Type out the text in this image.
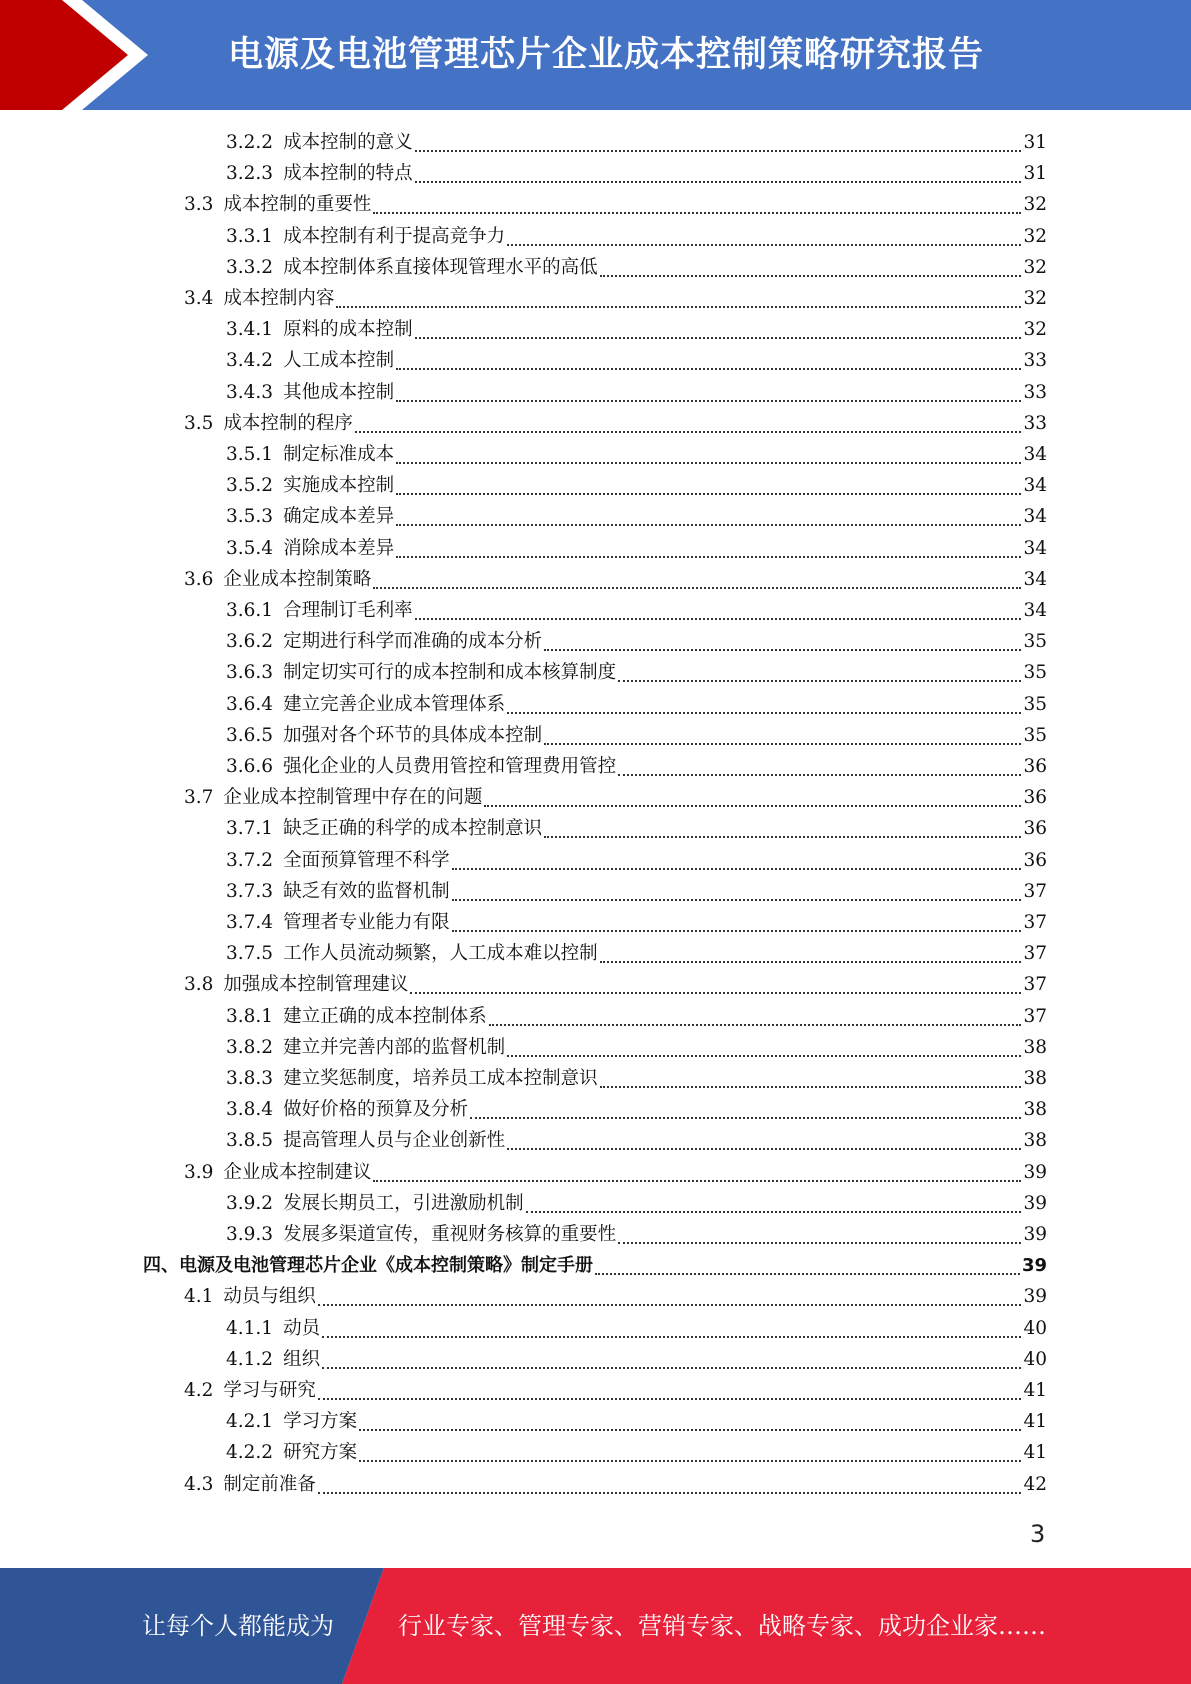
电源及电池管理芯片企业成本控制策略研究报告
3.2.2 成本控制的意义	31
3.2.3 成本控制的特点	31
3.3 成本控制的重要性	32
3.3.1 成本控制有利于提高竞争力	32
3.3.2 成本控制体系直接体现管理水平的高低	32
3.4 成本控制内容	32
3.4.1 原料的成本控制	32
3.4.2 人工成本控制	33
3.4.3 其他成本控制	33
3.5 成本控制的程序	33
3.5.1 制定标准成本	34
3.5.2 实施成本控制	34
3.5.3 确定成本差异	34
3.5.4 消除成本差异	34
3.6 企业成本控制策略	34
3.6.1 合理制订毛利率	34
3.6.2 定期进行科学而准确的成本分析	35
3.6.3 制定切实可行的成本控制和成本核算制度	35
3.6.4 建立完善企业成本管理体系	35
3.6.5 加强对各个环节的具体成本控制	35
3.6.6 强化企业的人员费用管控和管理费用管控	36
3.7 企业成本控制管理中存在的问题	36
3.7.1 缺乏正确的科学的成本控制意识	36
3.7.2 全面预算管理不科学	36
3.7.3 缺乏有效的监督机制	37
3.7.4 管理者专业能力有限	37
3.7.5 工作人员流动频繁，人工成本难以控制	37
3.8 加强成本控制管理建议	37
3.8.1 建立正确的成本控制体系	37
3.8.2 建立并完善内部的监督机制	38
3.8.3 建立奖惩制度，培养员工成本控制意识	38
3.8.4 做好价格的预算及分析	38
3.8.5 提高管理人员与企业创新性	38
3.9 企业成本控制建议	39
3.9.2 发展长期员工，引进激励机制	39
3.9.3 发展多渠道宣传，重视财务核算的重要性	39
四、电源及电池管理芯片企业《成本控制策略》制定手册	39
4.1 动员与组织	39
4.1.1 动员	40
4.1.2 组织	40
4.2 学习与研究	41
4.2.1 学习方案	41
4.2.2 研究方案	41
4.3 制定前准备	42
3
让每个人都能成为	行业专家、管理专家、营销专家、战略专家、成功企业家……
